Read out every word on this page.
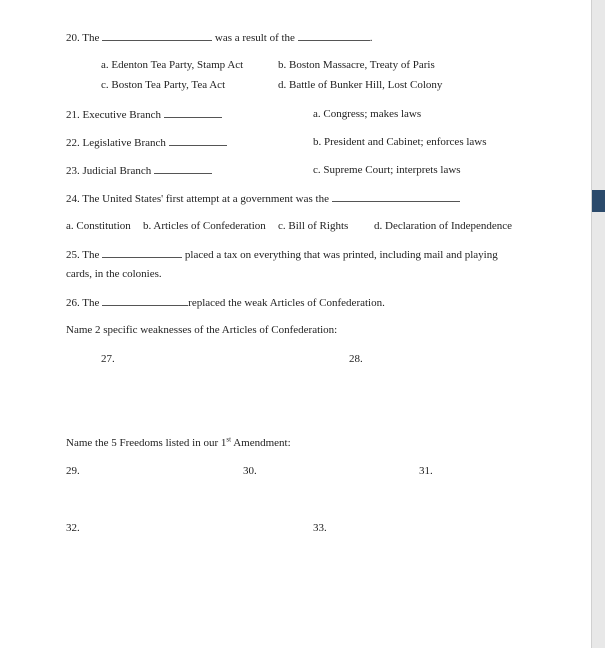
20. The	was a result of the	.
a. Edenton Tea Party, Stamp Act	b. Boston Massacre, Treaty of Paris
c. Boston Tea Party, Tea Act	d. Battle of Bunker Hill, Lost Colony
21. Executive Branch	a. Congress; makes laws
22. Legislative Branch	b. President and Cabinet; enforces laws
23. Judicial Branch	c. Supreme Court; interprets laws
24. The United States' first attempt at a government was the
a. Constitution b. Articles of Confederation c. Bill of Rights d. Declaration of Independence
25. The	placed a tax on everything that was printed, including mail and playing
cards, in the colonies.
26. The	replaced the weak Articles of Confederation.
Name 2 specific weaknesses of the Articles of Confederation:
27.	28.
Name the 5 Freedoms listed in our 1st Amendment:
29.	30.	31.
32.	33.
